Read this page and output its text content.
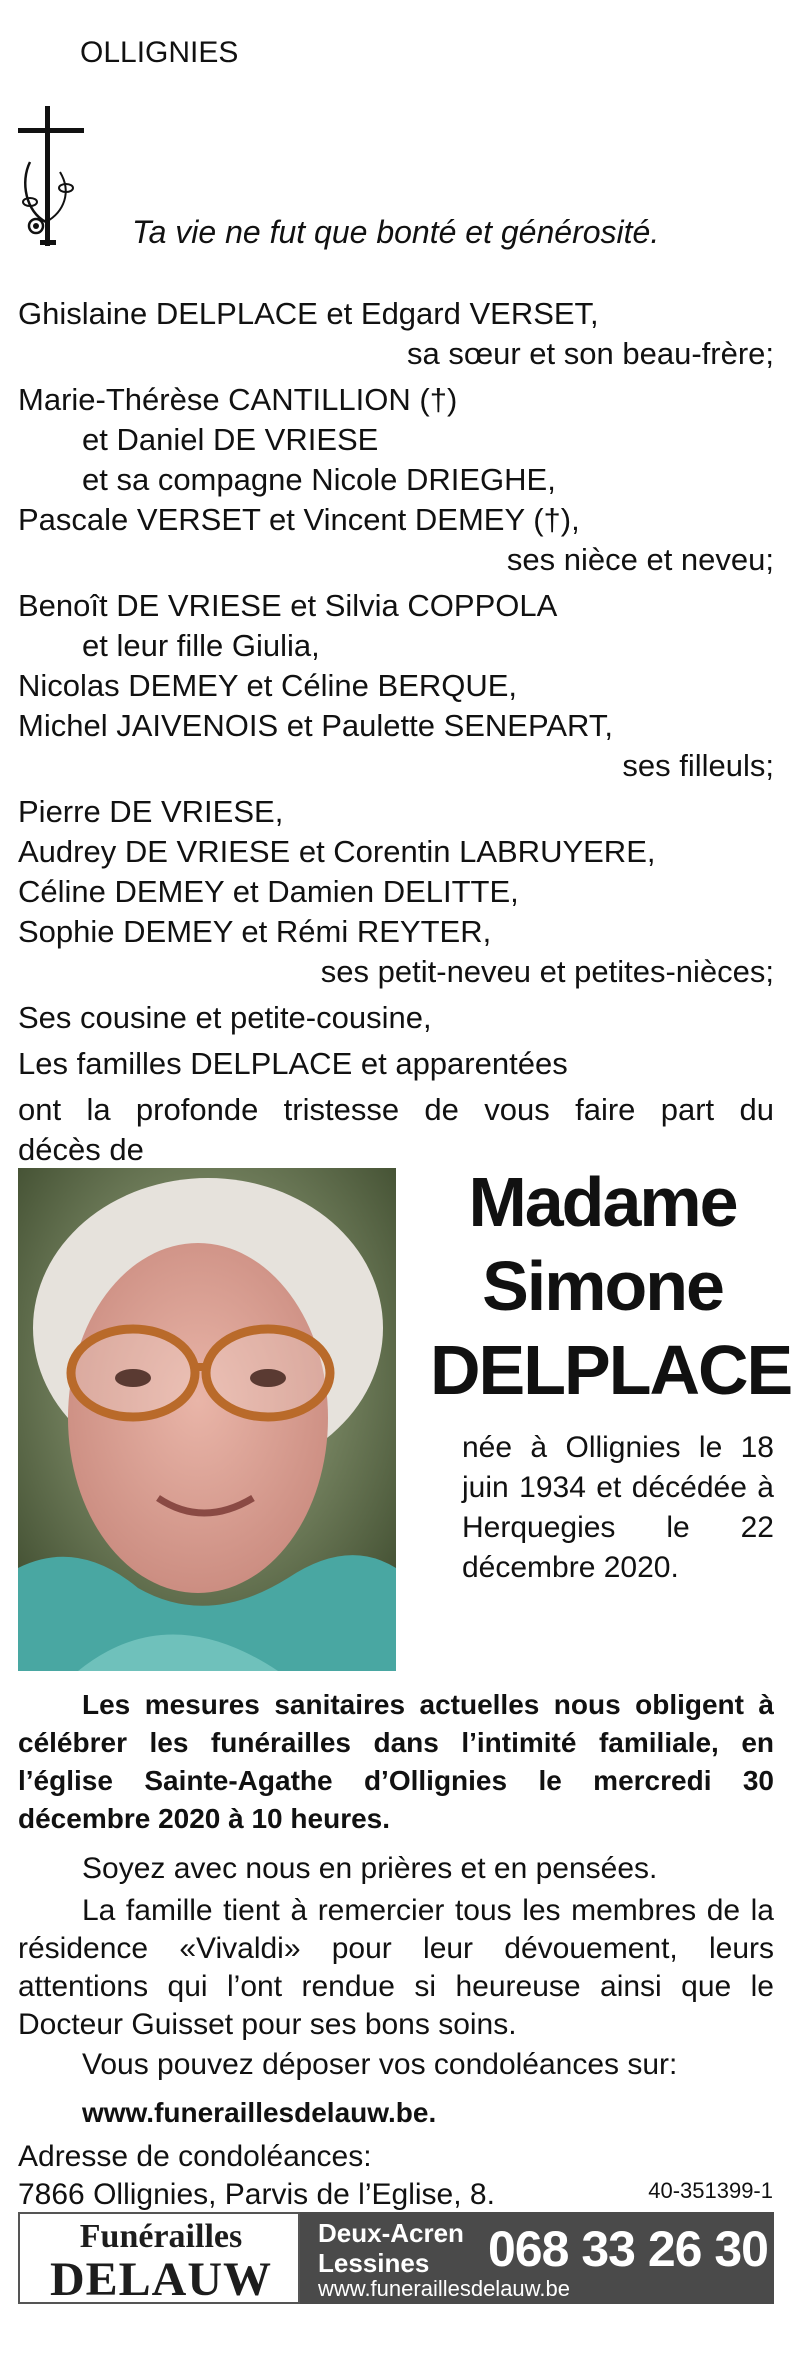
OLLIGNIES
Ta vie ne fut que bonté et générosité.
Ghislaine DELPLACE et Edgard VERSET,
sa sœur et son beau-frère;
Marie-Thérèse CANTILLION (†)
et Daniel DE VRIESE
et sa compagne Nicole DRIEGHE,
Pascale VERSET et Vincent DEMEY (†),
ses nièce et neveu;
Benoît DE VRIESE et Silvia COPPOLA
et leur fille Giulia,
Nicolas DEMEY et Céline BERQUE,
Michel JAIVENOIS et Paulette SENEPART,
ses filleuls;
Pierre DE VRIESE,
Audrey DE VRIESE et Corentin LABRUYERE,
Céline DEMEY et Damien DELITTE,
Sophie DEMEY et Rémi REYTER,
ses petit-neveu et petites-nièces;
Ses cousine et petite-cousine,
Les familles DELPLACE et apparentées
ont la profonde tristesse de vous faire part du
décès de
Madame
Simone
DELPLACE
née à Ollignies le 18 juin 1934 et décédée à Herquegies le 22 décembre 2020.
Les mesures sanitaires actuelles nous obligent à célébrer les funérailles dans l’intimité familiale, en l’église Sainte-Agathe d’Ollignies le mercredi 30 décembre 2020 à 10 heures.
Soyez avec nous en prières et en pensées.
La famille tient à remercier tous les membres de la résidence «Vivaldi» pour leur dévouement, leurs attentions qui l’ont rendue si heureuse ainsi que le Docteur Guisset pour ses bons soins.
Vous pouvez déposer vos condoléances sur:
www.funeraillesdelauw.be.
Adresse de condoléances:
7866 Ollignies, Parvis de l’Eglise, 8.	40-351399-1
Funérailles
DELAUW
Deux-Acren
Lessines 068 33 26 30
www.funeraillesdelauw.be
